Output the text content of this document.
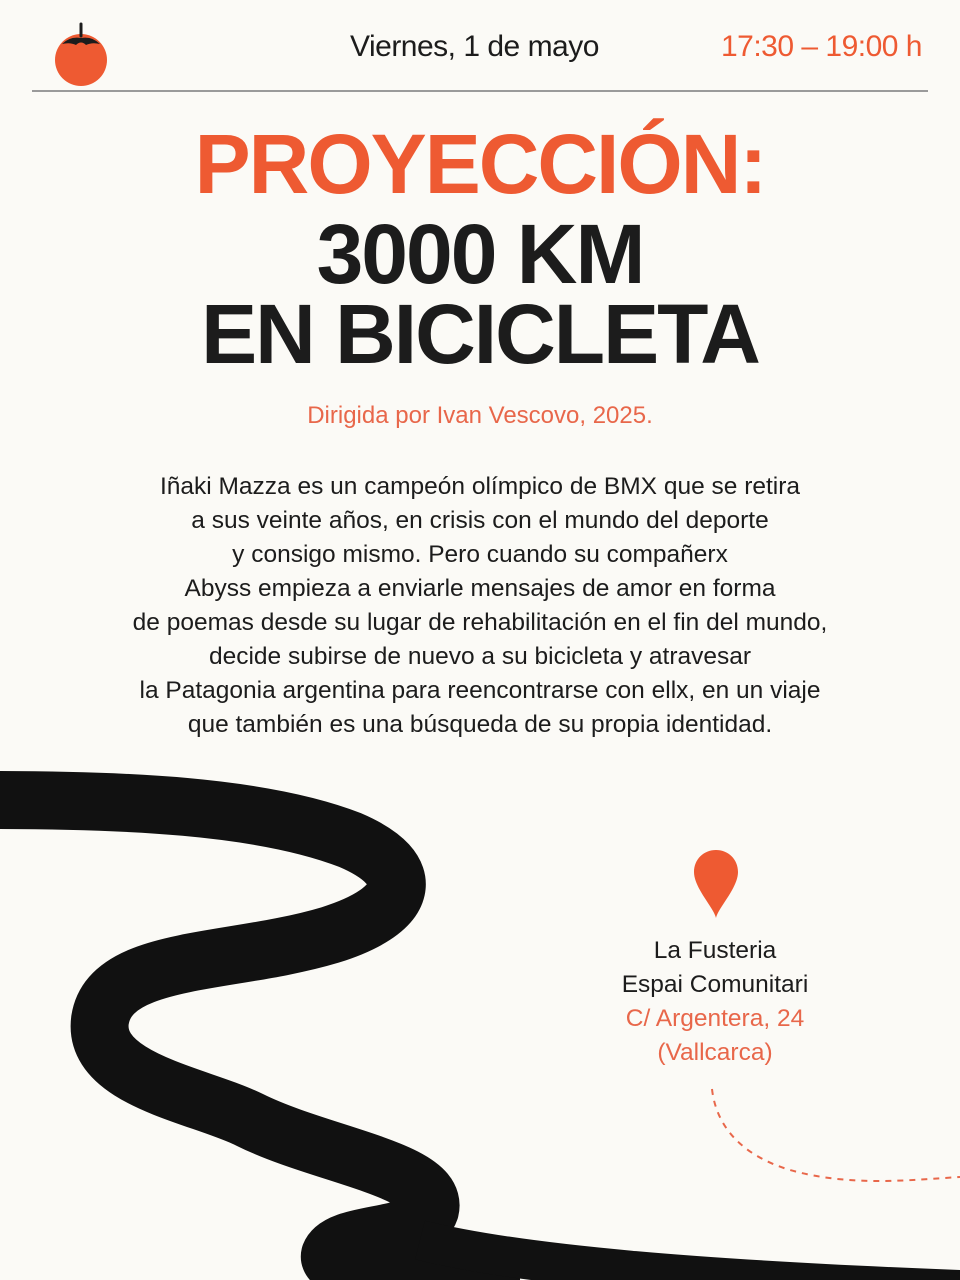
Viernes, 1 de mayo	17:30 – 19:00 h
PROYECCIÓN:
3000 KM
EN BICICLETA
Dirigida por Ivan Vescovo, 2025.
Iñaki Mazza es un campeón olímpico de BMX que se retira
a sus veinte años, en crisis con el mundo del deporte
y consigo mismo. Pero cuando su compañerx
Abyss empieza a enviarle mensajes de amor en forma
de poemas desde su lugar de rehabilitación en el fin del mundo,
decide subirse de nuevo a su bicicleta y atravesar
la Patagonia argentina para reencontrarse con ellx, en un viaje
que también es una búsqueda de su propia identidad.
La Fusteria
Espai Comunitari
C/ Argentera, 24
(Vallcarca)
